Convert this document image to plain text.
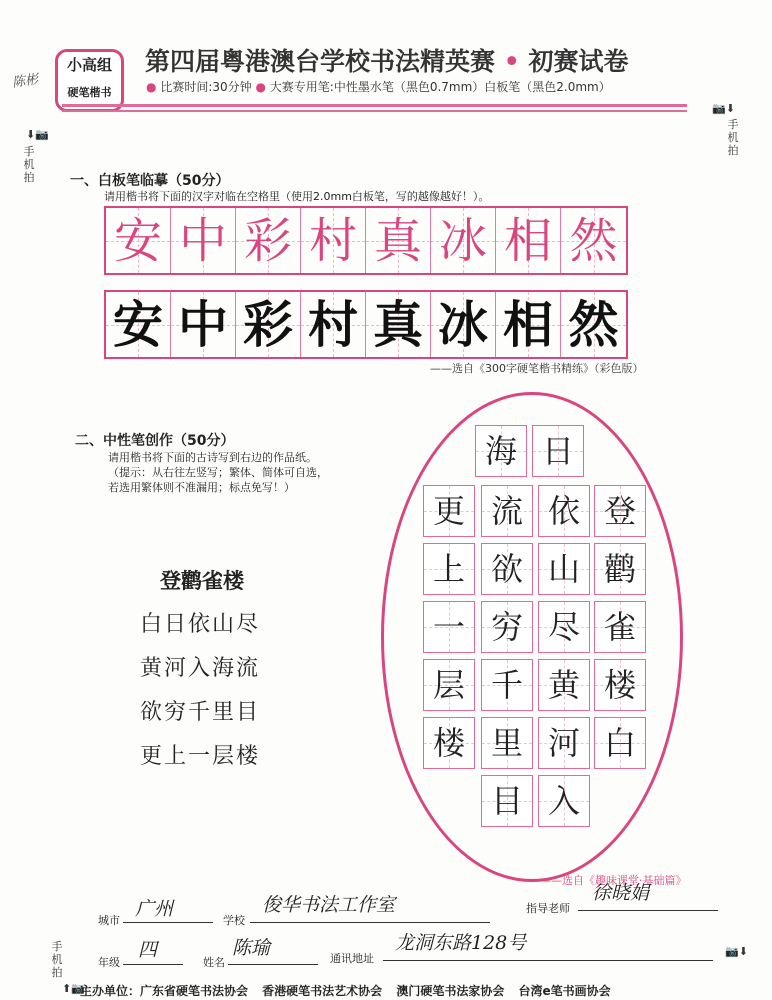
小高组
硬笔楷书
陈彬
第四届粤港澳台学校书法精英赛 • 初赛试卷
● 比赛时间:30分钟 ● 大赛专用笔:中性墨水笔（黑色0.7mm）白板笔（黑色2.0mm）
⬇📷
手机拍
📷⬇
手机拍
手机拍
⬆📷
一、白板笔临摹（50分）
请用楷书将下面的汉字对临在空格里（使用2.0mm白板笔，写的越像越好！）。
安 中 彩 村 真 冰 相 然
安 中 彩 村 真 冰 相 然
——选自《300字硬笔楷书精练》（彩色版）
二、中性笔创作（50分）
请用楷书将下面的古诗写到右边的作品纸。
（提示：从右往左竖写；繁体、简体可自选，
若选用繁体则不准漏用；标点免写！）
登鹳雀楼
白日依山尽
黄河入海流
欲穷千里目
更上一层楼
登
鹳
雀
楼
白
日
依
山
尽
黄
河
入
海
流
欲
穷
千
里
目
更
上
一
层
楼
——选自《趣味课堂·基础篇》
城市
广州
学校
俊华书法工作室	指导老师
徐晓娟
年级
四
姓名
陈瑜	通讯地址
龙洞东路128号	📷⬇
主办单位：广东省硬笔书法协会 香港硬笔书法艺术协会 澳门硬笔书法家协会 台湾e笔书画协会
